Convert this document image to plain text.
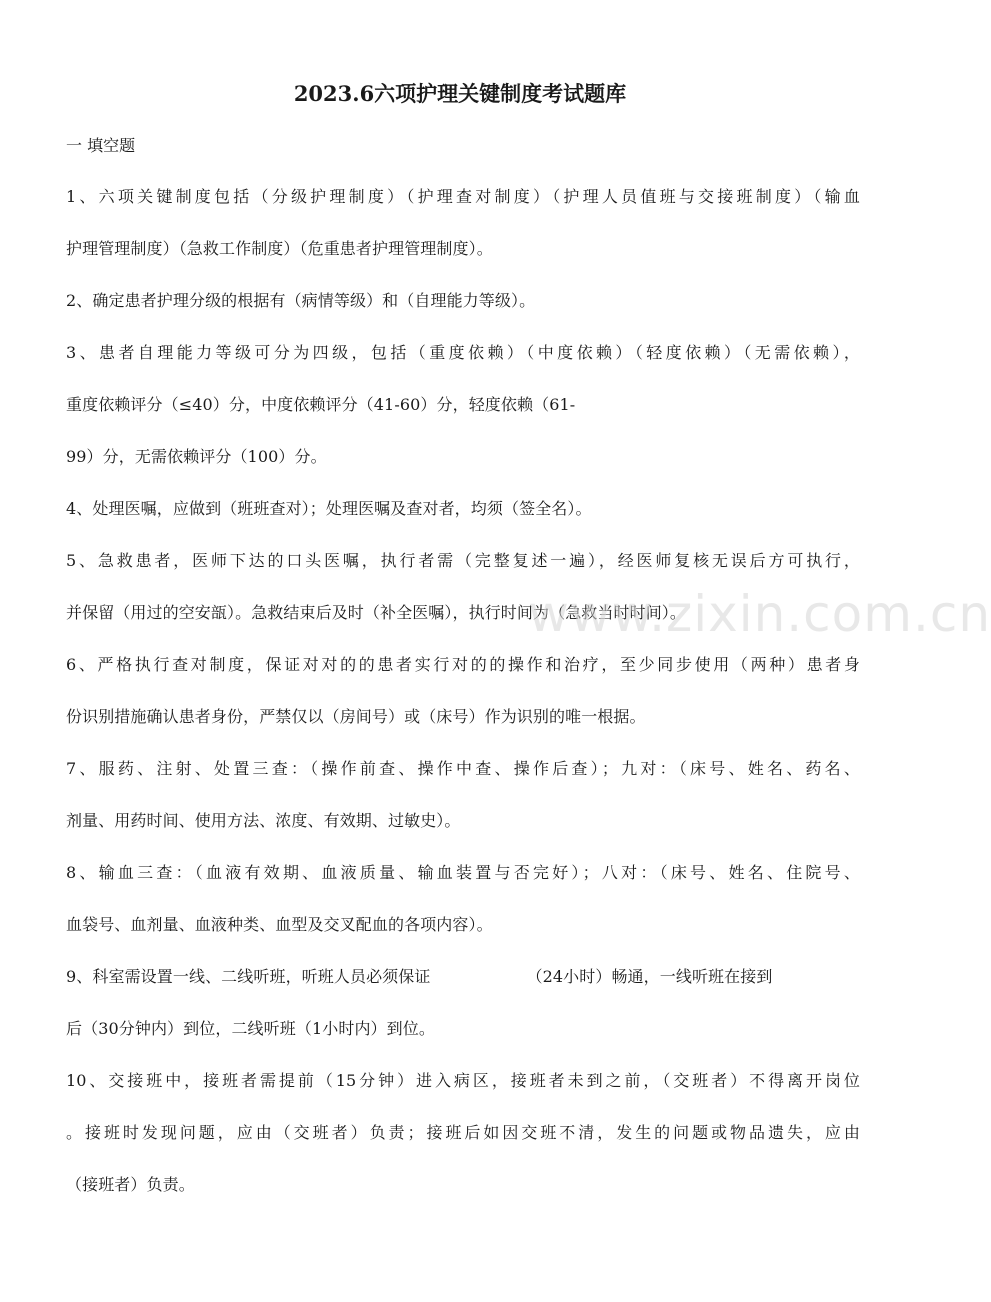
2023.6六项护理关键制度考试题库
一 填空题
1、六项关键制度包括（分级护理制度）（护理查对制度）（护理人员值班与交接班制度）（输血
护理管理制度）（急救工作制度）（危重患者护理管理制度）。
2、确定患者护理分级的根据有（病情等级）和（自理能力等级）。
3、患者自理能力等级可分为四级，包括（重度依赖）（中度依赖）（轻度依赖）（无需依赖），
重度依赖评分（≤40）分，中度依赖评分（41-60）分，轻度依赖（61-
99）分，无需依赖评分（100）分。
4、处理医嘱，应做到（班班查对）；处理医嘱及查对者，均须（签全名）。
5、急救患者，医师下达的口头医嘱，执行者需（完整复述一遍），经医师复核无误后方可执行，
并保留（用过的空安瓿）。急救结束后及时（补全医嘱），执行时间为（急救当时时间）。
6、严格执行查对制度，保证对对的的患者实行对的的操作和治疗，至少同步使用（两种）患者身
份识别措施确认患者身份，严禁仅以（房间号）或（床号）作为识别的唯一根据。
7、服药、注射、处置三查：（操作前查、操作中查、操作后查）；九对：（床号、姓名、药名、
剂量、用药时间、使用方法、浓度、有效期、过敏史）。
8、输血三查：（血液有效期、血液质量、输血装置与否完好）；八对：（床号、姓名、住院号、
血袋号、血剂量、血液种类、血型及交叉配血的各项内容）。
9、科室需设置一线、二线听班，听班人员必须保证	（24小时）畅通，一线听班在接到
后（30分钟内）到位，二线听班（1小时内）到位。
10、交接班中，接班者需提前（15分钟）进入病区，接班者未到之前，（交班者）不得离开岗位
。接班时发现问题，应由（交班者）负责；接班后如因交班不清，发生的问题或物品遗失，应由
（接班者）负责。
www.zixin.com.cn
